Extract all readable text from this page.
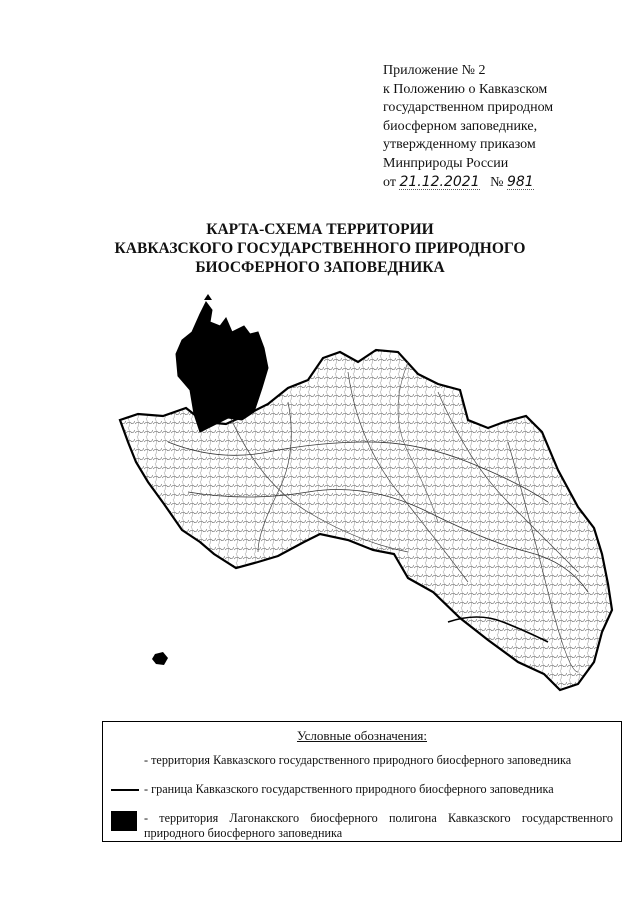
Приложение № 2
к Положению о Кавказском
государственном природном
биосферном заповеднике,
утвержденному приказом
Минприроды России
от 21.12.2021 № 981
КАРТА-СХЕМА ТЕРРИТОРИИ
КАВКАЗСКОГО ГОСУДАРСТВЕННОГО ПРИРОДНОГО
БИОСФЕРНОГО ЗАПОВЕДНИКА
Условные обозначения:
- территория Кавказского государственного природного биосферного заповедника
- граница Кавказского государственного природного биосферного заповедника
- территория Лагонакского биосферного полигона Кавказского государственного природного биосферного заповедника
